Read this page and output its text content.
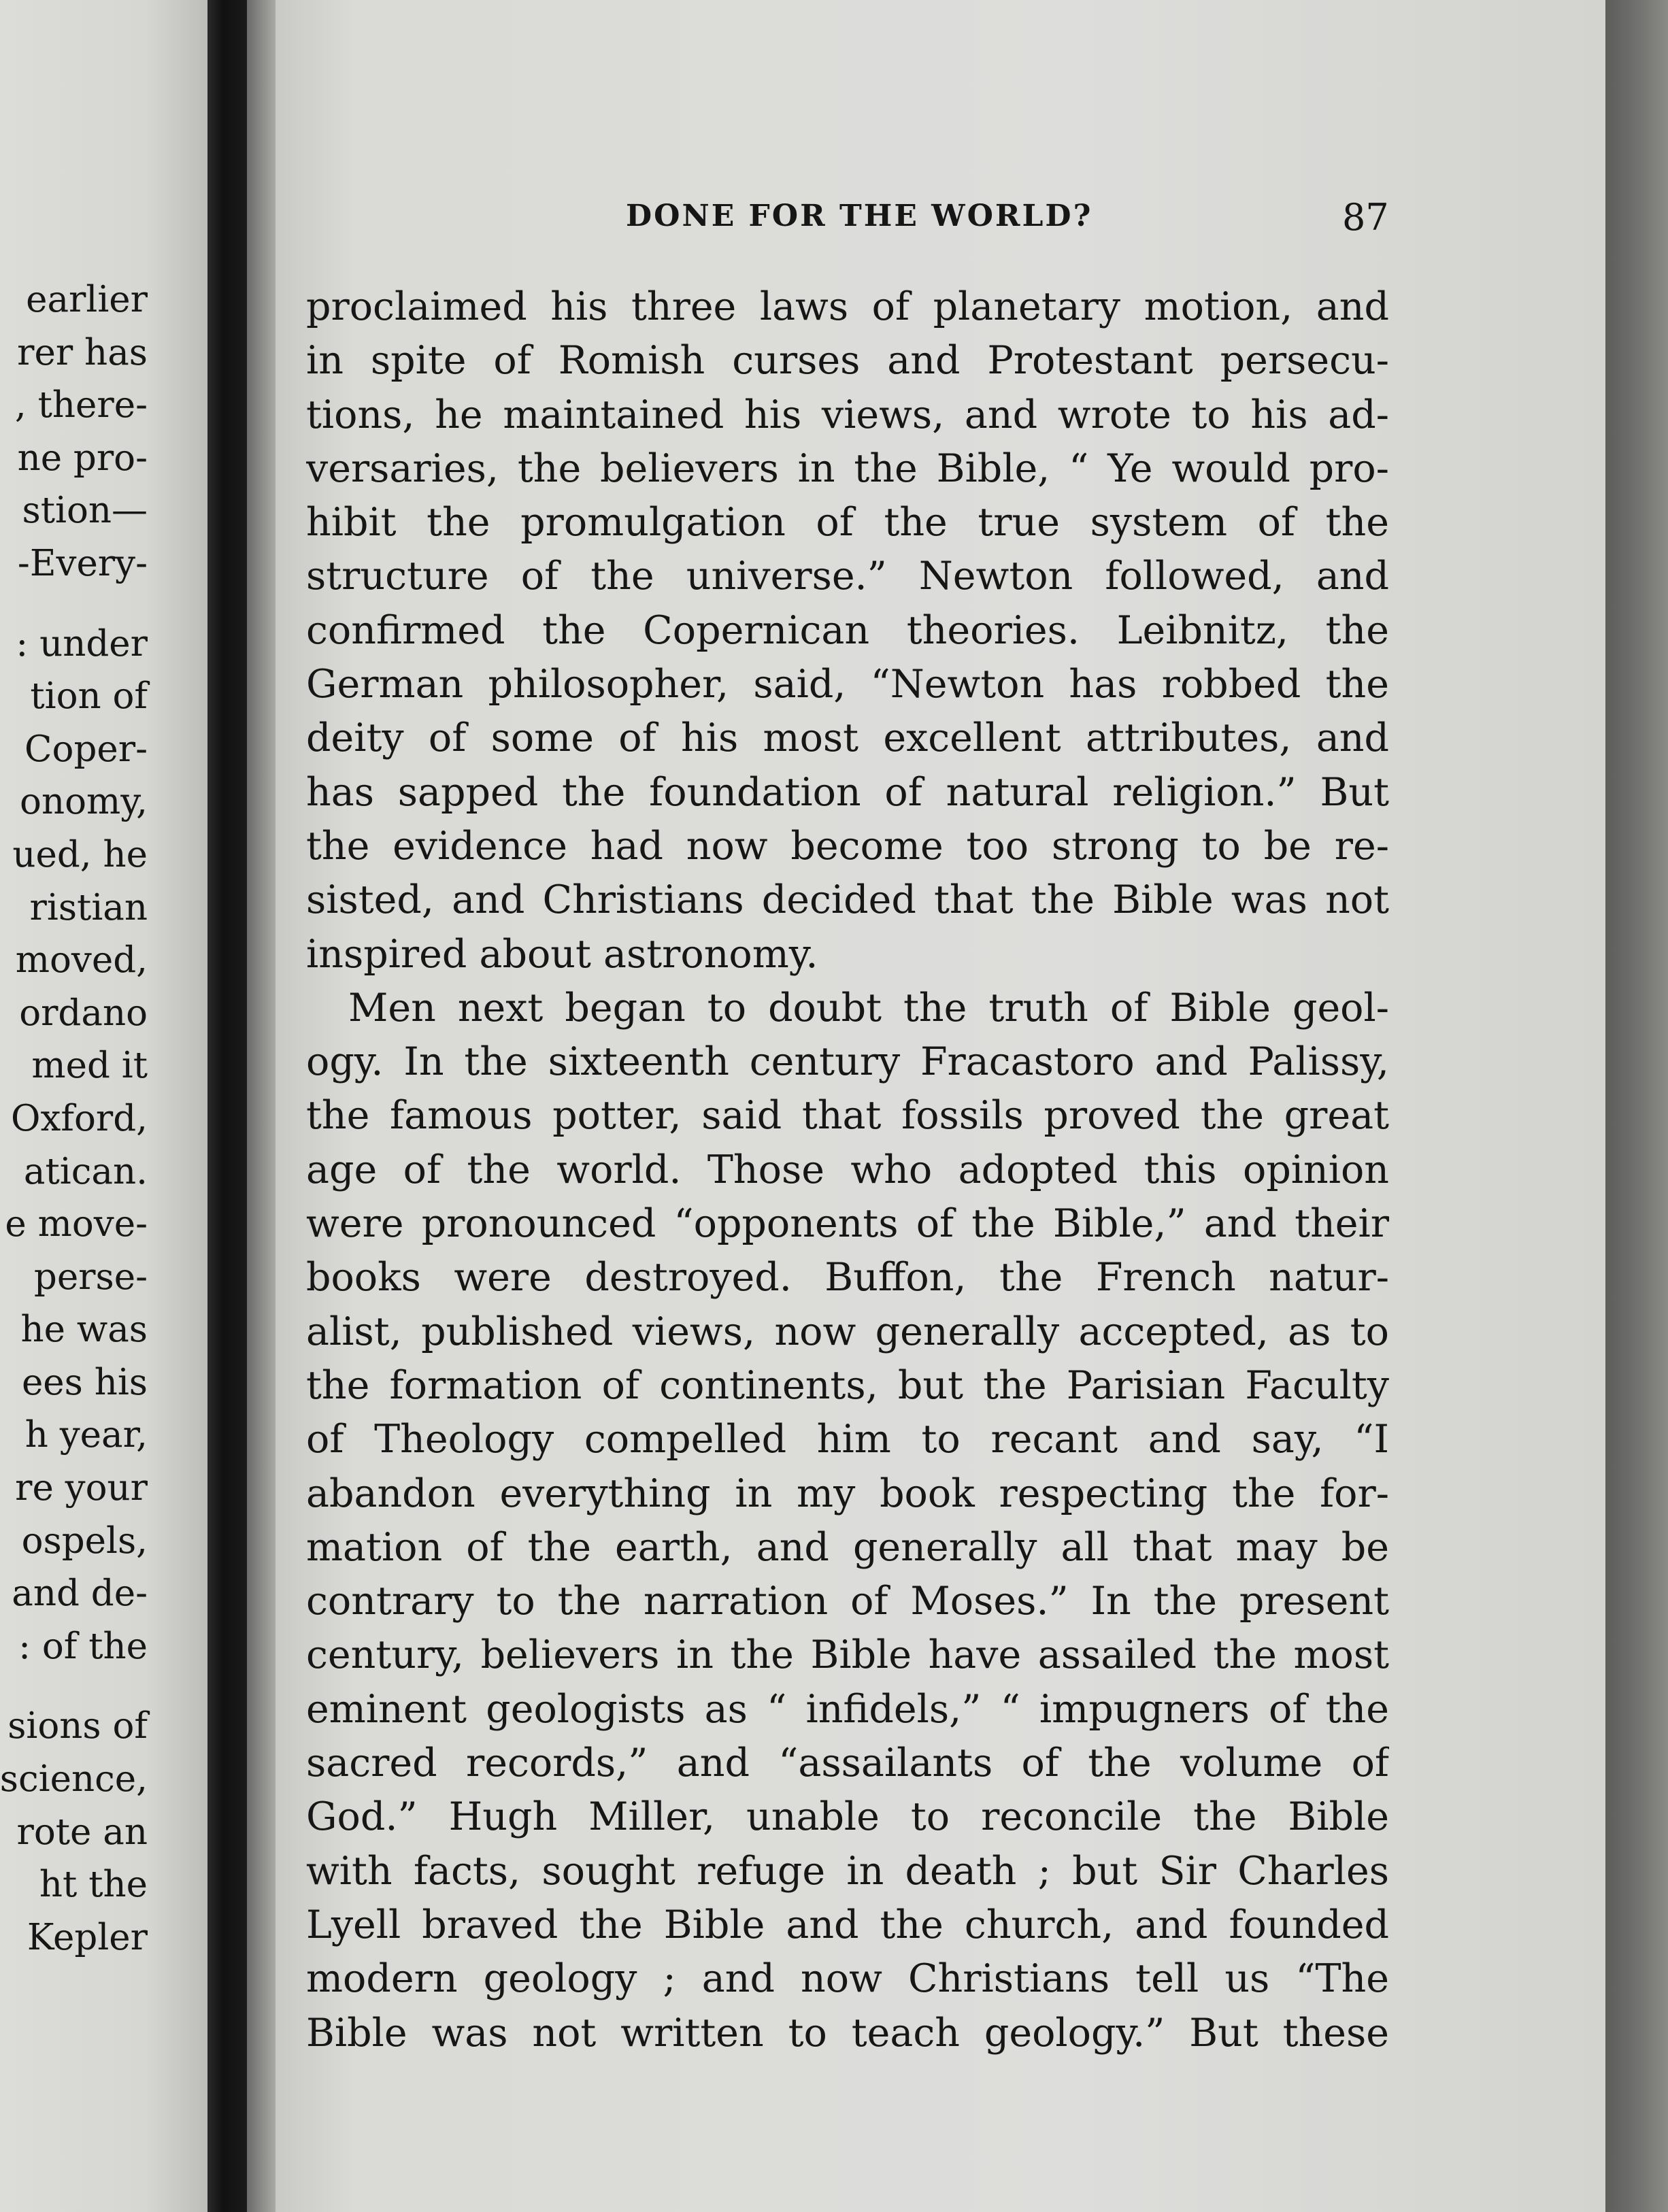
earlier
rer has
, there-
ne pro-
stion—
-Every-
: under
tion of
Coper-
onomy,
ued, he
ristian
moved,
ordano
med it
Oxford,
atican.
e move-
perse-
he was
ees his
h year,
re your
ospels,
and de-
: of the
sions of
science,
rote an
ht the
Kepler
DONE FOR THE WORLD?	87
proclaimed his three laws of planetary motion, and
in spite of Romish curses and Protestant persecu-
tions, he maintained his views, and wrote to his ad-
versaries, the believers in the Bible, “ Ye would pro-
hibit the promulgation of the true system of the
structure of the universe.” Newton followed, and
confirmed the Copernican theories. Leibnitz, the
German philosopher, said, “Newton has robbed the
deity of some of his most excellent attributes, and
has sapped the foundation of natural religion.” But
the evidence had now become too strong to be re-
sisted, and Christians decided that the Bible was not
inspired about astronomy.
Men next began to doubt the truth of Bible geol-
ogy. In the sixteenth century Fracastoro and Palissy,
the famous potter, said that fossils proved the great
age of the world. Those who adopted this opinion
were pronounced “opponents of the Bible,” and their
books were destroyed. Buffon, the French natur-
alist, published views, now generally accepted, as to
the formation of continents, but the Parisian Faculty
of Theology compelled him to recant and say, “I
abandon everything in my book respecting the for-
mation of the earth, and generally all that may be
contrary to the narration of Moses.” In the present
century, believers in the Bible have assailed the most
eminent geologists as “ infidels,” “ impugners of the
sacred records,” and “assailants of the volume of
God.” Hugh Miller, unable to reconcile the Bible
with facts, sought refuge in death ; but Sir Charles
Lyell braved the Bible and the church, and founded
modern geology ; and now Christians tell us “The
Bible was not written to teach geology.” But these
